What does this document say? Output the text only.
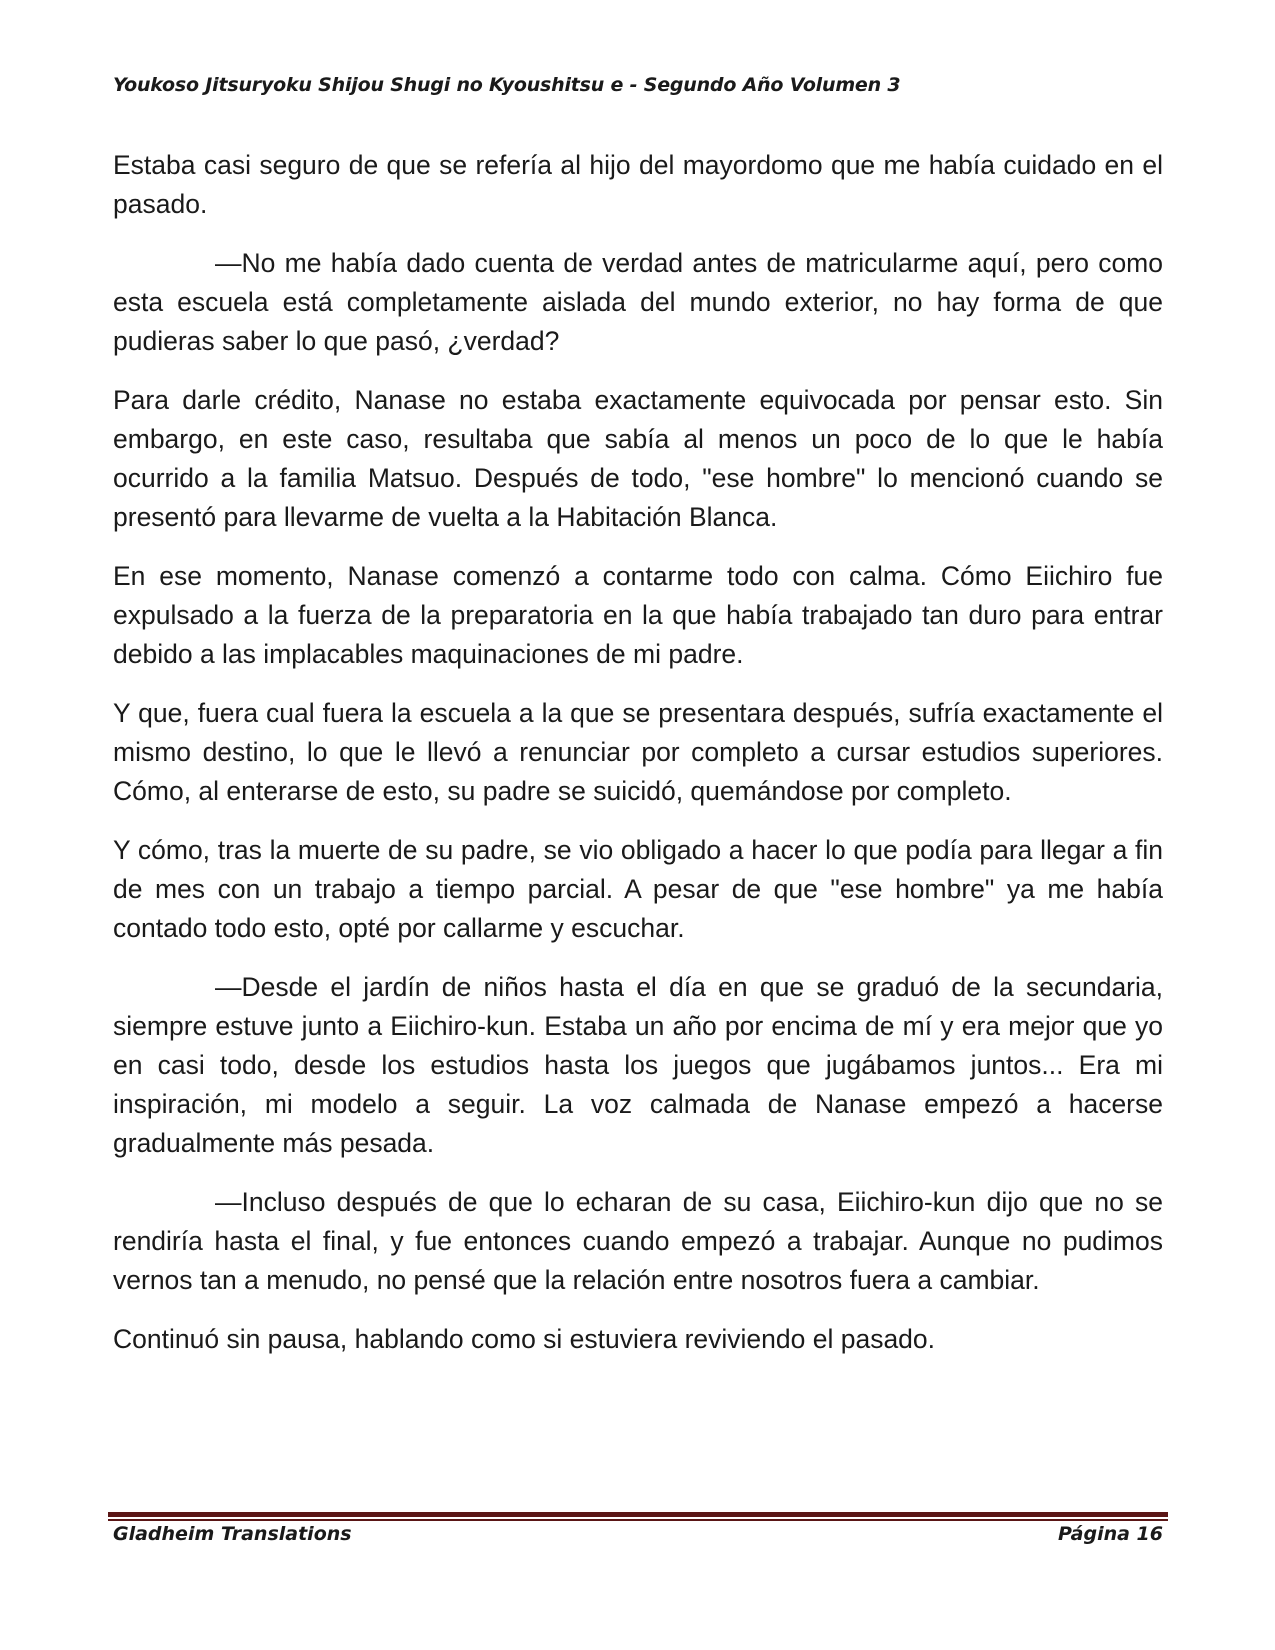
Youkoso Jitsuryoku Shijou Shugi no Kyoushitsu e - Segundo Año Volumen 3

Estaba casi seguro de que se refería al hijo del mayordomo que me había cuidado en el pasado.

—No me había dado cuenta de verdad antes de matricularme aquí, pero como esta escuela está completamente aislada del mundo exterior, no hay forma de que pudieras saber lo que pasó, ¿verdad?

Para darle crédito, Nanase no estaba exactamente equivocada por pensar esto. Sin embargo, en este caso, resultaba que sabía al menos un poco de lo que le había ocurrido a la familia Matsuo. Después de todo, "ese hombre" lo mencionó cuando se presentó para llevarme de vuelta a la Habitación Blanca.

En ese momento, Nanase comenzó a contarme todo con calma. Cómo Eiichiro fue expulsado a la fuerza de la preparatoria en la que había trabajado tan duro para entrar debido a las implacables maquinaciones de mi padre.

Y que, fuera cual fuera la escuela a la que se presentara después, sufría exactamente el mismo destino, lo que le llevó a renunciar por completo a cursar estudios superiores. Cómo, al enterarse de esto, su padre se suicidó, quemándose por completo.

Y cómo, tras la muerte de su padre, se vio obligado a hacer lo que podía para llegar a fin de mes con un trabajo a tiempo parcial. A pesar de que "ese hombre" ya me había contado todo esto, opté por callarme y escuchar.

—Desde el jardín de niños hasta el día en que se graduó de la secundaria, siempre estuve junto a Eiichiro-kun. Estaba un año por encima de mí y era mejor que yo en casi todo, desde los estudios hasta los juegos que jugábamos juntos... Era mi inspiración, mi modelo a seguir. La voz calmada de Nanase empezó a hacerse gradualmente más pesada.

—Incluso después de que lo echaran de su casa, Eiichiro-kun dijo que no se rendiría hasta el final, y fue entonces cuando empezó a trabajar. Aunque no pudimos vernos tan a menudo, no pensé que la relación entre nosotros fuera a cambiar.

Continuó sin pausa, hablando como si estuviera reviviendo el pasado.

Gladheim Translations	Página 16
